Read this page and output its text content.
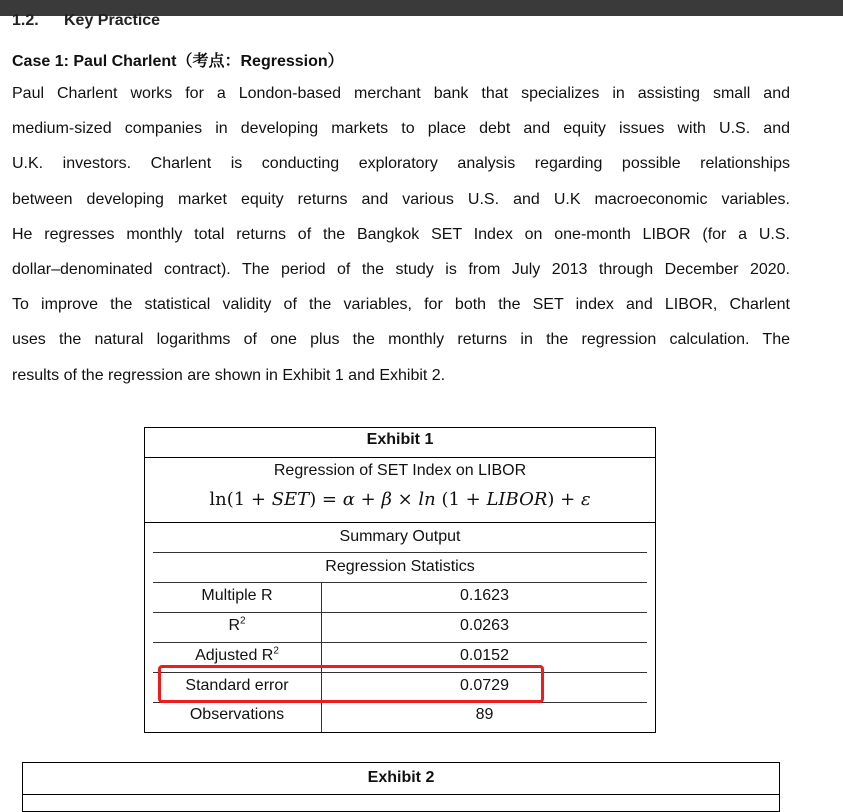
1.2. Key Practice
Case 1: Paul Charlent（考点：Regression）
Paul Charlent works for a London-based merchant bank that specializes in assisting small and
medium-sized companies in developing markets to place debt and equity issues with U.S. and
U.K. investors. Charlent is conducting exploratory analysis regarding possible relationships
between developing market equity returns and various U.S. and U.K macroeconomic variables.
He regresses monthly total returns of the Bangkok SET Index on one-month LIBOR (for a U.S.
dollar–denominated contract). The period of the study is from July 2013 through December 2020.
To improve the statistical validity of the variables, for both the SET index and LIBOR, Charlent
uses the natural logarithms of one plus the monthly returns in the regression calculation. The
results of the regression are shown in Exhibit 1 and Exhibit 2.
Exhibit 1
Regression of SET Index on LIBOR
ln(1 + SET) = α + β × ln (1 + LIBOR) + ε
Summary Output
Regression Statistics
Multiple R	0.1623
$R^2$	0.0263
Adjusted $R^2$	0.0152
Standard error	0.0729
Observations	89
Exhibit 2
